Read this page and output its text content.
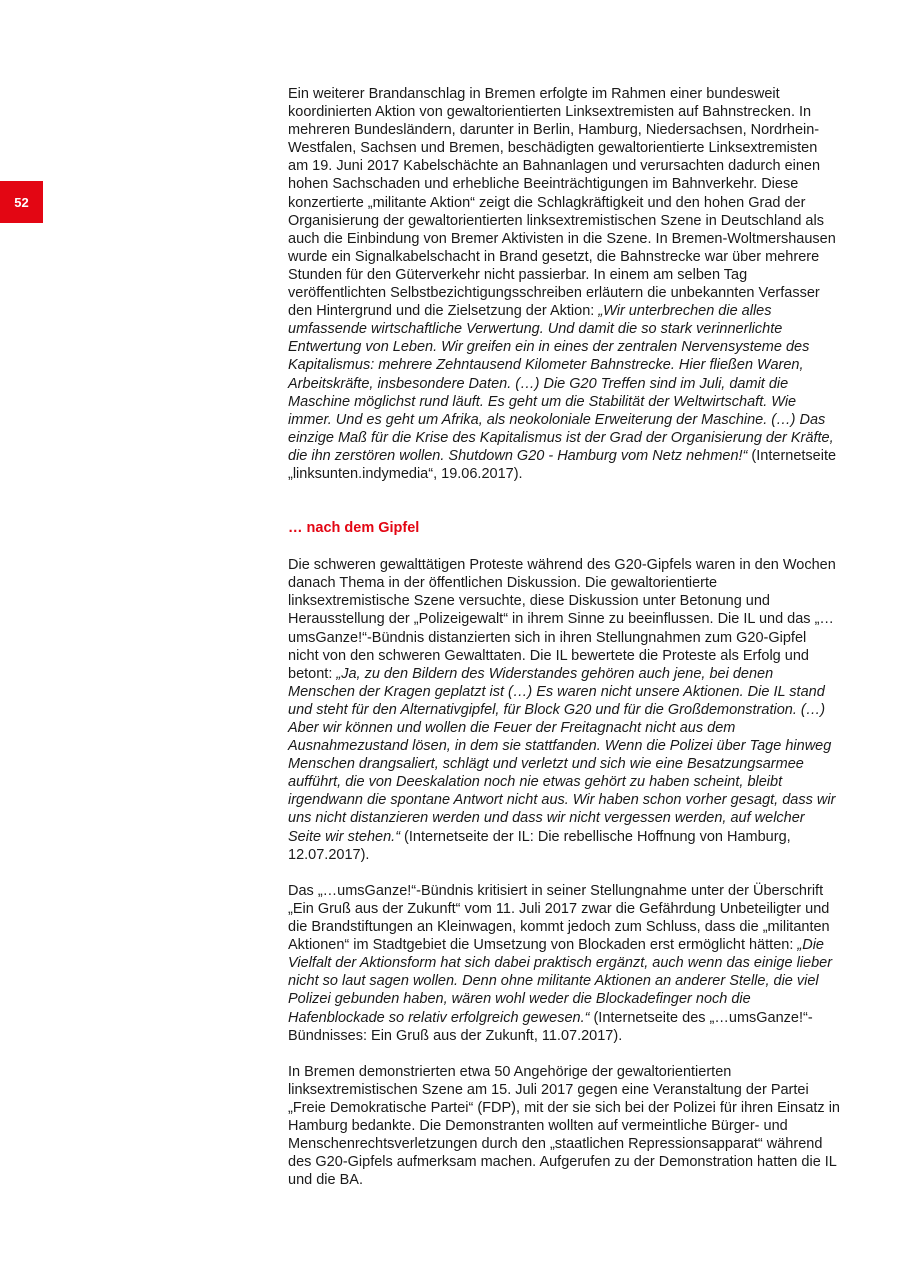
52

Ein weiterer Brandanschlag in Bremen erfolgte im Rahmen einer bundesweit koordinierten Aktion von gewaltorientierten Linksextremisten auf Bahnstrecken. In mehreren Bundesländern, darunter in Berlin, Hamburg, Niedersachsen, Nordrhein-Westfalen, Sachsen und Bremen, beschädigten gewaltorientierte Linksextremisten am 19. Juni 2017 Kabelschächte an Bahnanlagen und verursachten dadurch einen hohen Sachschaden und erhebliche Beeinträchtigungen im Bahnverkehr. Diese konzertierte „militante Aktion“ zeigt die Schlagkräftigkeit und den hohen Grad der Organisierung der gewaltorientierten linksextremistischen Szene in Deutschland als auch die Einbindung von Bremer Aktivisten in die Szene. In Bremen-Woltmershausen wurde ein Signalkabelschacht in Brand gesetzt, die Bahnstrecke war über mehrere Stunden für den Güterverkehr nicht passierbar. In einem am selben Tag veröffentlichten Selbstbezichtigungsschreiben erläutern die unbekannten Verfasser den Hintergrund und die Zielsetzung der Aktion: „Wir unterbrechen die alles umfassende wirtschaftliche Verwertung. Und damit die so stark verinnerlichte Entwertung von Leben. Wir greifen ein in eines der zentralen Nervensysteme des Kapitalismus: mehrere Zehntausend Kilometer Bahnstrecke. Hier fließen Waren, Arbeitskräfte, insbesondere Daten. (…) Die G20 Treffen sind im Juli, damit die Maschine möglichst rund läuft. Es geht um die Stabilität der Weltwirtschaft. Wie immer. Und es geht um Afrika, als neokoloniale Erweiterung der Maschine. (…) Das einzige Maß für die Krise des Kapitalismus ist der Grad der Organisierung der Kräfte, die ihn zerstören wollen. Shutdown G20 - Hamburg vom Netz nehmen!“ (Internetseite „linksunten.indymedia“, 19.06.2017).

… nach dem Gipfel

Die schweren gewalttätigen Proteste während des G20-Gipfels waren in den Wochen danach Thema in der öffentlichen Diskussion. Die gewaltorientierte linksextremistische Szene versuchte, diese Diskussion unter Betonung und Herausstellung der „Polizeigewalt“ in ihrem Sinne zu beeinflussen. Die IL und das „…umsGanze!“-Bündnis distanzierten sich in ihren Stellungnahmen zum G20-Gipfel nicht von den schweren Gewalttaten. Die IL bewertete die Proteste als Erfolg und betont: „Ja, zu den Bildern des Widerstandes gehören auch jene, bei denen Menschen der Kragen geplatzt ist (…) Es waren nicht unsere Aktionen. Die IL stand und steht für den Alternativgipfel, für Block G20 und für die Großdemonstration. (…) Aber wir können und wollen die Feuer der Freitagnacht nicht aus dem Ausnahmezustand lösen, in dem sie stattfanden. Wenn die Polizei über Tage hinweg Menschen drangsaliert, schlägt und verletzt und sich wie eine Besatzungsarmee aufführt, die von Deeskalation noch nie etwas gehört zu haben scheint, bleibt irgendwann die spontane Antwort nicht aus. Wir haben schon vorher gesagt, dass wir uns nicht distanzieren werden und dass wir nicht vergessen werden, auf welcher Seite wir stehen.“ (Internetseite der IL: Die rebellische Hoffnung von Hamburg, 12.07.2017).

Das „…umsGanze!“-Bündnis kritisiert in seiner Stellungnahme unter der Überschrift „Ein Gruß aus der Zukunft“ vom 11. Juli 2017 zwar die Gefährdung Unbeteiligter und die Brandstiftungen an Kleinwagen, kommt jedoch zum Schluss, dass die „militanten Aktionen“ im Stadtgebiet die Umsetzung von Blockaden erst ermöglicht hätten: „Die Vielfalt der Aktionsform hat sich dabei praktisch ergänzt, auch wenn das einige lieber nicht so laut sagen wollen. Denn ohne militante Aktionen an anderer Stelle, die viel Polizei gebunden haben, wären wohl weder die Blockadefinger noch die Hafenblockade so relativ erfolgreich gewesen.“ (Internetseite des „…umsGanze!“-Bündnisses: Ein Gruß aus der Zukunft, 11.07.2017).

In Bremen demonstrierten etwa 50 Angehörige der gewaltorientierten linksextremistischen Szene am 15. Juli 2017 gegen eine Veranstaltung der Partei „Freie Demokratische Partei“ (FDP), mit der sie sich bei der Polizei für ihren Einsatz in Hamburg bedankte. Die Demonstranten wollten auf vermeintliche Bürger- und Menschenrechtsverletzungen durch den „staatlichen Repressionsapparat“ während des G20-Gipfels aufmerksam machen. Aufgerufen zu der Demonstration hatten die IL und die BA.
